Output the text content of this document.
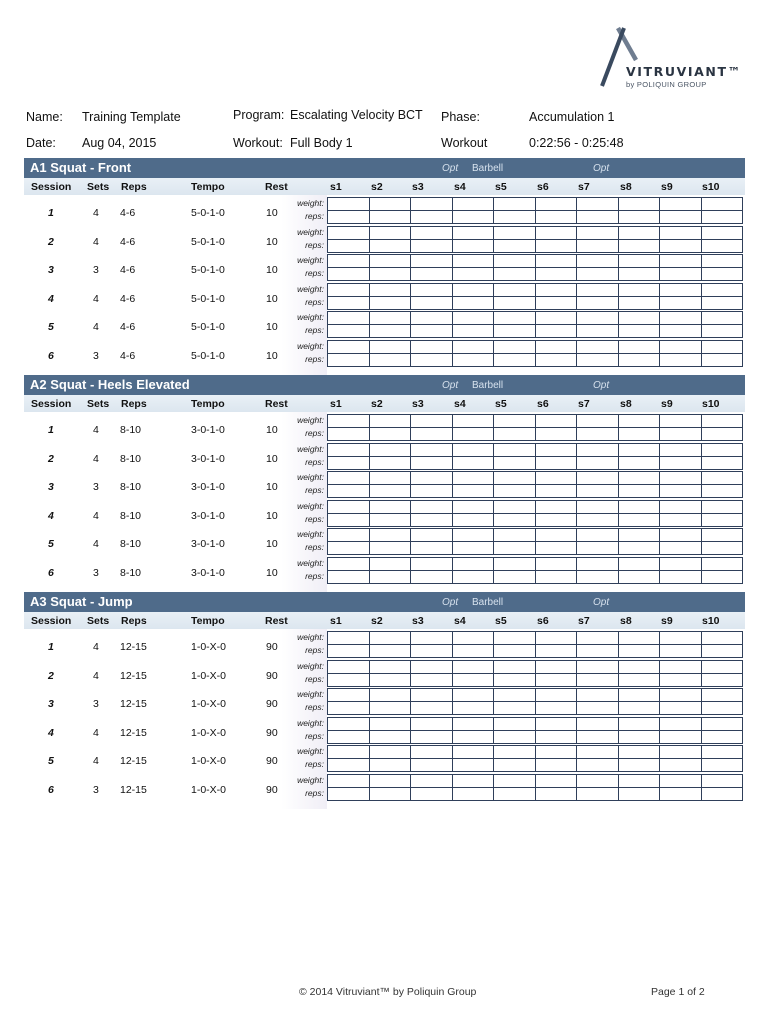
VITRUVIANT™
by POLIQUIN GROUP
Name: Training Template	Program: Escalating Velocity BCT Phase:	Accumulation 1
Date: Aug 04, 2015	Workout: Full Body 1	Workout	0:22:56 - 0:25:48
A1 Squat - Front	Opt Barbell	Opt
Session Sets Reps	Tempo	Rest	s1	s2	s3	s4	s5	s6	s7	s8	s9	s10
1	4 4-6	5-0-1-0	10
weight:
reps:

2	4 4-6	5-0-1-0	10
weight:
reps:

3	3 4-6	5-0-1-0	10
weight:
reps:

4	4 4-6	5-0-1-0	10
weight:
reps:

5	4 4-6	5-0-1-0	10
weight:
reps:

6	3 4-6	5-0-1-0	10
weight:
reps:

A2 Squat - Heels Elevated	Opt Barbell	Opt
Session Sets Reps	Tempo	Rest	s1	s2	s3	s4	s5	s6	s7	s8	s9	s10
1	4 8-10	3-0-1-0	10
weight:
reps:

2	4 8-10	3-0-1-0	10
weight:
reps:

3	3 8-10	3-0-1-0	10
weight:
reps:

4	4 8-10	3-0-1-0	10
weight:
reps:

5	4 8-10	3-0-1-0	10
weight:
reps:

6	3 8-10	3-0-1-0	10
weight:
reps:

A3 Squat - Jump	Opt Barbell	Opt
Session Sets Reps	Tempo	Rest	s1	s2	s3	s4	s5	s6	s7	s8	s9	s10
1	4 12-15	1-0-X-0	90
weight:
reps:

2	4 12-15	1-0-X-0	90
weight:
reps:

3	3 12-15	1-0-X-0	90
weight:
reps:

4	4 12-15	1-0-X-0	90
weight:
reps:

5	4 12-15	1-0-X-0	90
weight:
reps:

6	3 12-15	1-0-X-0	90
weight:
reps:

© 2014 Vitruviant™ by Poliquin Group	Page 1 of 2
